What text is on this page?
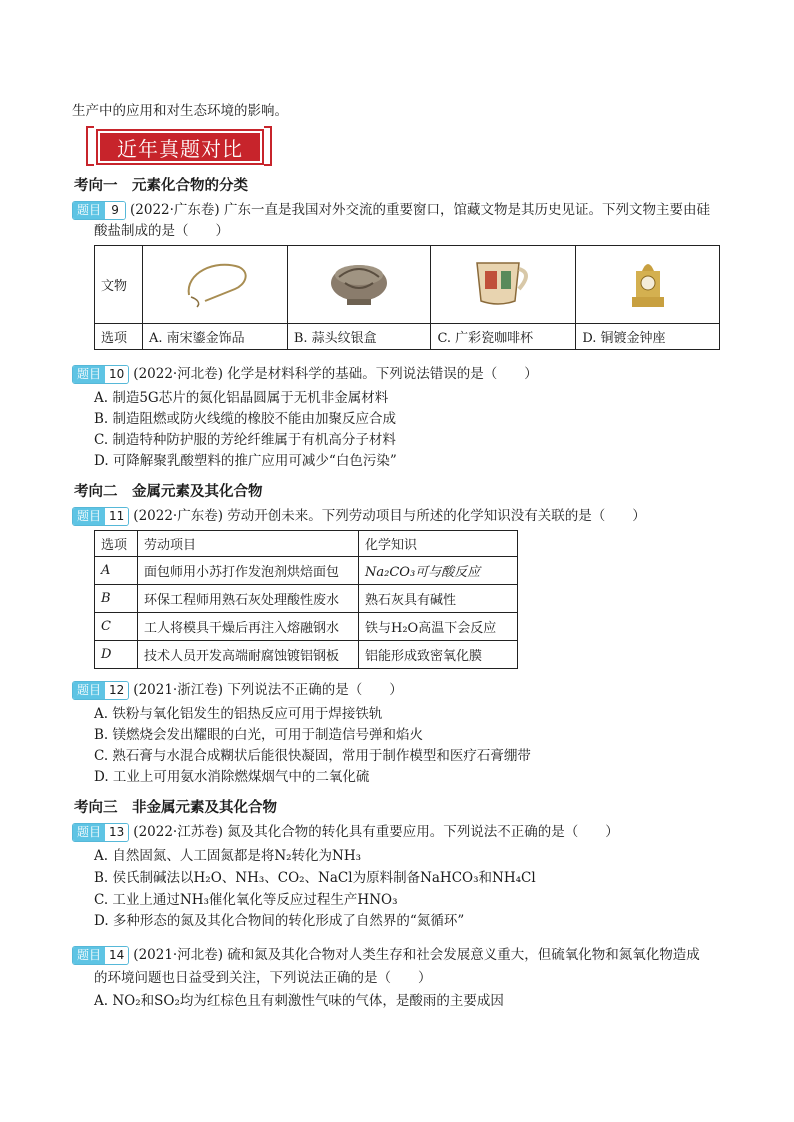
生产中的应用和对生态环境的影响。
近年真题对比
考向一　元素化合物的分类
题目 9 (2022·广东卷) 广东一直是我国对外交流的重要窗口，馆藏文物是其历史见证。下列文物主要由硅
酸盐制成的是（　　）
文物				
选项	A. 南宋鎏金饰品	B. 蒜头纹银盒	C. 广彩瓷咖啡杯	D. 铜镀金钟座
题目 10 (2022·河北卷) 化学是材料科学的基础。下列说法错误的是（　　）
A. 制造5G芯片的氮化铝晶圆属于无机非金属材料
B. 制造阻燃或防火线缆的橡胶不能由加聚反应合成
C. 制造特种防护服的芳纶纤维属于有机高分子材料
D. 可降解聚乳酸塑料的推广应用可减少“白色污染”
考向二　金属元素及其化合物
题目 11 (2022·广东卷) 劳动开创未来。下列劳动项目与所述的化学知识没有关联的是（　　）
选项	劳动项目	化学知识
A	面包师用小苏打作发泡剂烘焙面包	Na₂CO₃可与酸反应
B	环保工程师用熟石灰处理酸性废水	熟石灰具有碱性
C	工人将模具干燥后再注入熔融钢水	铁与H₂O高温下会反应
D	技术人员开发高端耐腐蚀镀铝钢板	铝能形成致密氧化膜
题目 12 (2021·浙江卷) 下列说法不正确的是（　　）
A. 铁粉与氧化铝发生的铝热反应可用于焊接铁轨
B. 镁燃烧会发出耀眼的白光，可用于制造信号弹和焰火
C. 熟石膏与水混合成糊状后能很快凝固，常用于制作模型和医疗石膏绷带
D. 工业上可用氨水消除燃煤烟气中的二氧化硫
考向三　非金属元素及其化合物
题目 13 (2022·江苏卷) 氮及其化合物的转化具有重要应用。下列说法不正确的是（　　）
A. 自然固氮、人工固氮都是将N₂转化为NH₃
B. 侯氏制碱法以H₂O、NH₃、CO₂、NaCl为原料制备NaHCO₃和NH₄Cl
C. 工业上通过NH₃催化氧化等反应过程生产HNO₃
D. 多种形态的氮及其化合物间的转化形成了自然界的“氮循环”
题目 14 (2021·河北卷) 硫和氮及其化合物对人类生存和社会发展意义重大，但硫氧化物和氮氧化物造成
的环境问题也日益受到关注，下列说法正确的是（　　）
A. NO₂和SO₂均为红棕色且有刺激性气味的气体，是酸雨的主要成因
